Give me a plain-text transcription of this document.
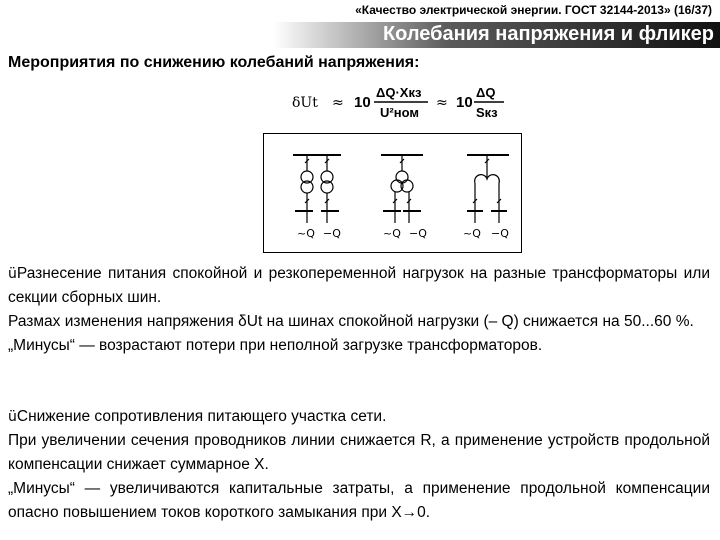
«Качество электрической энергии. ГОСТ 32144-2013» (16/37)
Колебания напряжения и фликер
Мероприятия по снижению колебаний напряжения:
δUt ≈ 10
ΔQ·Xкз
U²ном
≈ 10
ΔQ
Sкз
~Q −Q	~Q −Q	~Q −Q

üРазнесение питания спокойной и резкопеременной нагрузок на разные трансформаторы или секции сборных шин.

Размах изменения напряжения δUt на шинах спокойной нагрузки (– Q) снижается на 50...60 %.

„Минусы“ — возрастают потери при неполной загрузке трансформаторов.

üСнижение сопротивления питающего участка сети.

При увеличении сечения проводников линии снижается R, а применение устройств продольной компенсации снижает суммарное X.

„Минусы“ — увеличиваются капитальные затраты, а применение продольной компенсации опасно повышением токов короткого замыкания при X→0.
